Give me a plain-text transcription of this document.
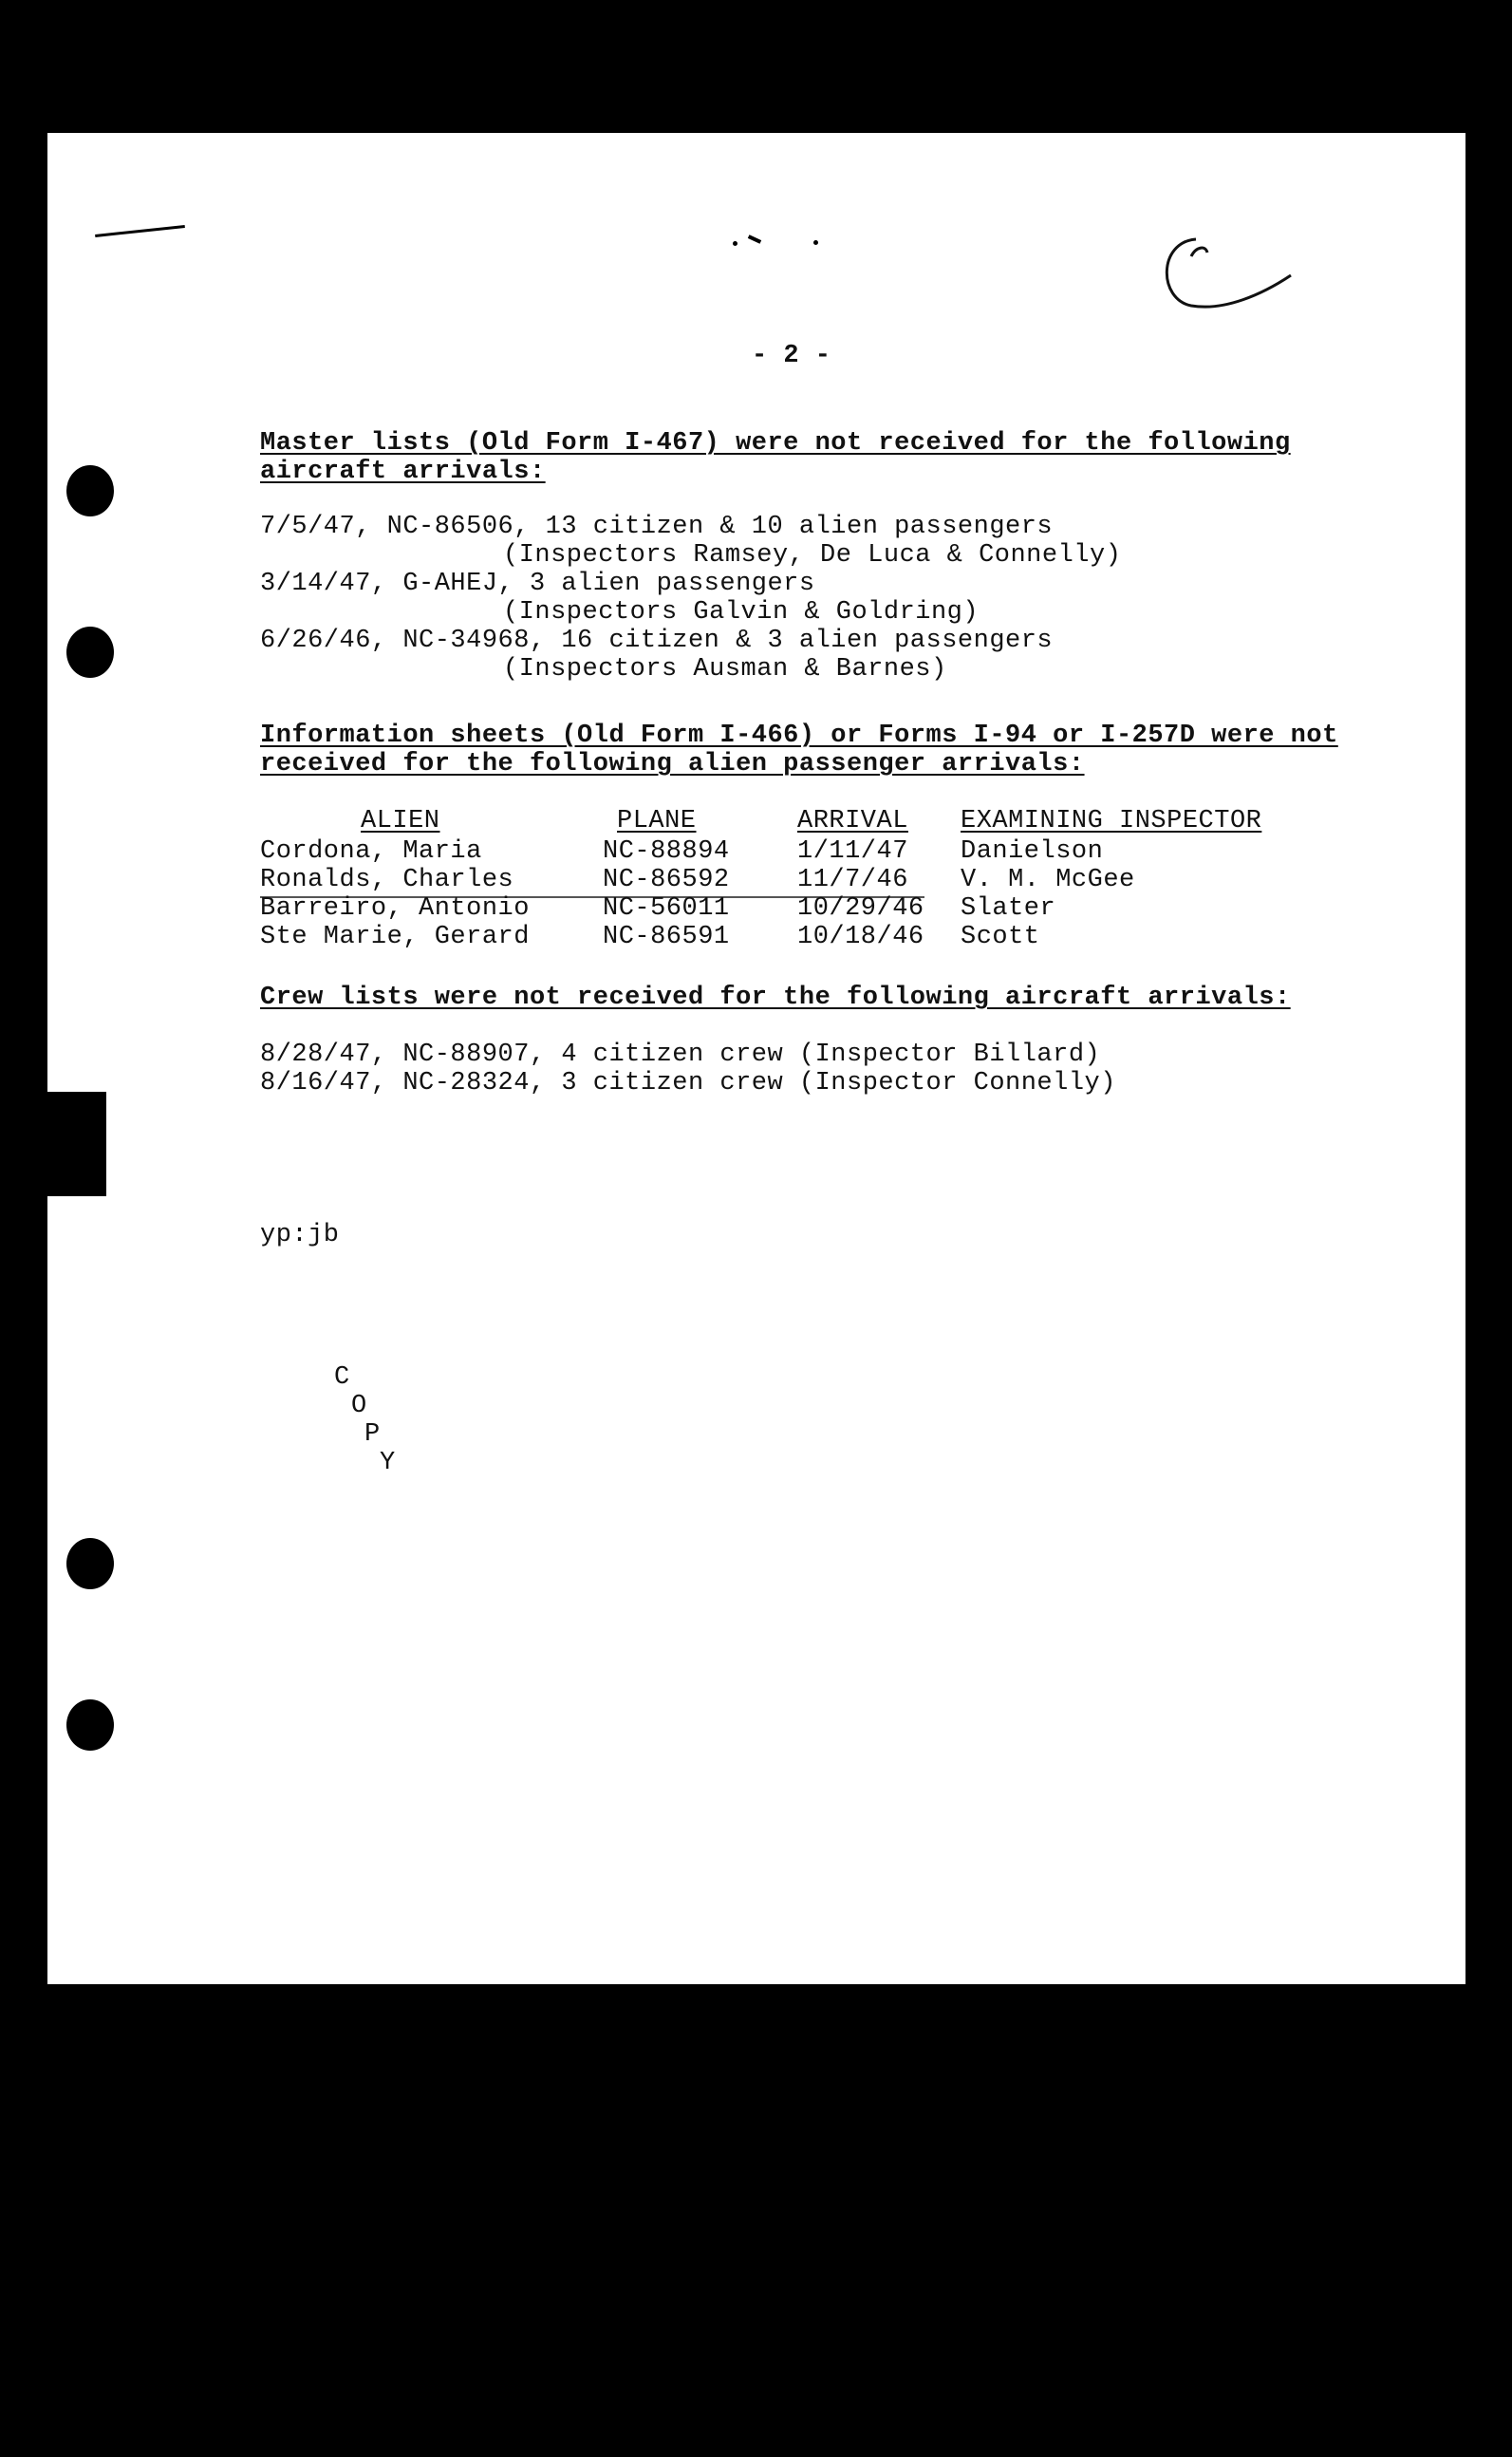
- 2 -
Master lists (Old Form I-467) were not received for the following
aircraft arrivals:
7/5/47, NC-86506, 13 citizen & 10 alien passengers
(Inspectors Ramsey, De Luca & Connelly)
3/14/47, G-AHEJ, 3 alien passengers
(Inspectors Galvin & Goldring)
6/26/46, NC-34968, 16 citizen & 3 alien passengers
(Inspectors Ausman & Barnes)
Information sheets (Old Form I-466) or Forms I-94 or I-257D were not
received for the following alien passenger arrivals:
ALIEN	PLANE	ARRIVAL EXAMINING INSPECTOR
Cordona, Maria	NC-88894	1/11/47 Danielson
Ronalds, Charles	NC-86592	11/7/46 V. M. McGee
Barreiro, Antonio	NC-56011	10/29/46 Slater
Ste Marie, Gerard	NC-86591	10/18/46 Scott
Crew lists were not received for the following aircraft arrivals:
8/28/47, NC-88907, 4 citizen crew (Inspector Billard)
8/16/47, NC-28324, 3 citizen crew (Inspector Connelly)
yp:jb
C
O
P
Y
